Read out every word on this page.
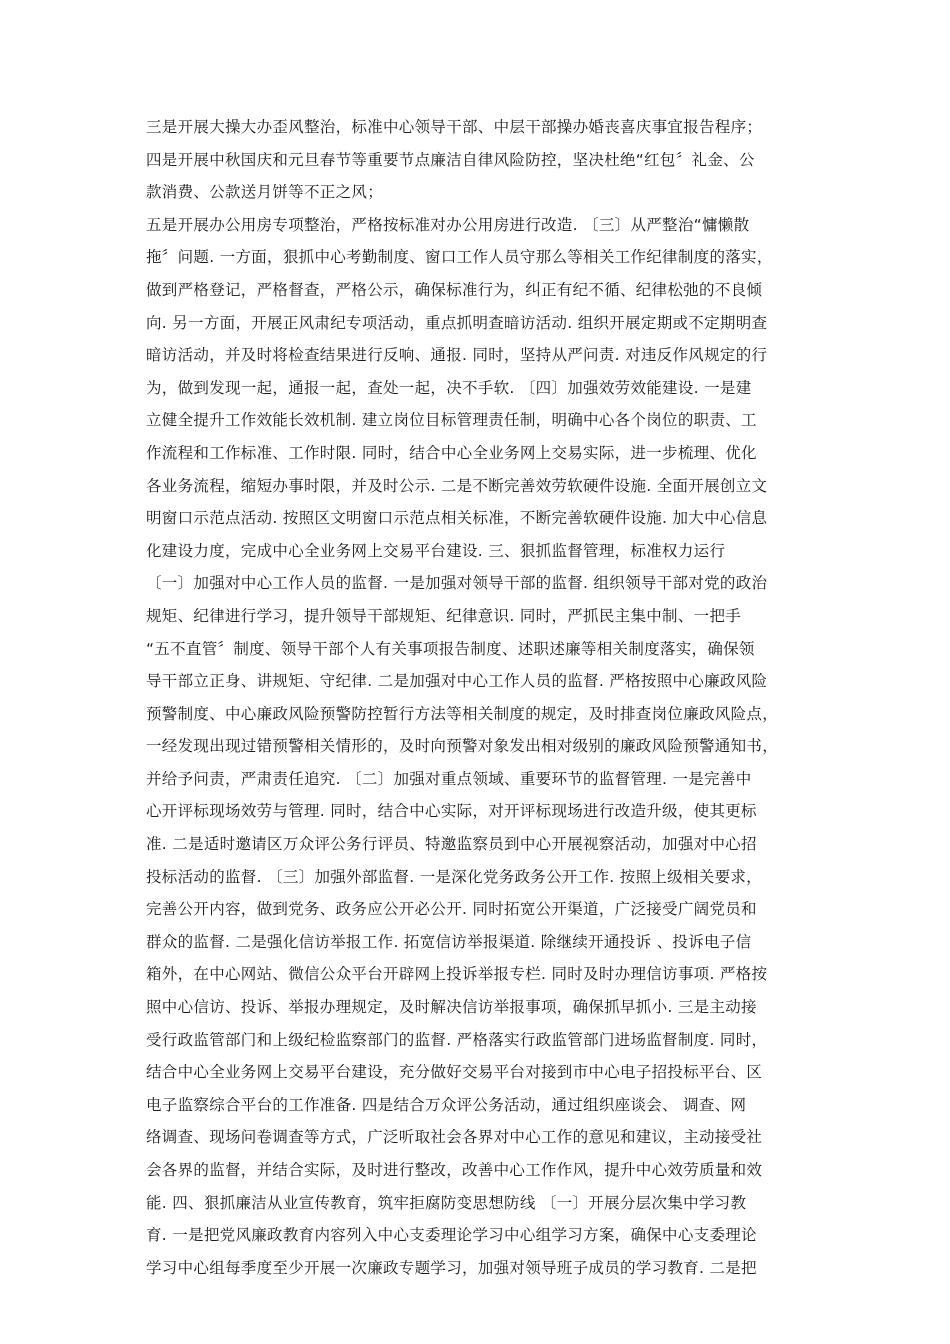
三是开展大操大办歪风整治，标准中心领导干部、中层干部操办婚丧喜庆事宜报告程序；
四是开展中秋国庆和元旦春节等重要节点廉洁自律风险防控，坚决杜绝“红包〞礼金、公
款消费、公款送月饼等不正之风；
五是开展办公用房专项整治，严格按标准对办公用房进行改造. 〔三〕从严整治“慵懒散
拖〞问题. 一方面，狠抓中心考勤制度、窗口工作人员守那么等相关工作纪律制度的落实，
做到严格登记，严格督查，严格公示，确保标准行为，纠正有纪不循、纪律松弛的不良倾
向. 另一方面，开展正风肃纪专项活动，重点抓明查暗访活动. 组织开展定期或不定期明查
暗访活动，并及时将检查结果进行反响、通报. 同时，坚持从严问责. 对违反作风规定的行
为，做到发现一起，通报一起，查处一起，决不手软. 〔四〕加强效劳效能建设. 一是建
立健全提升工作效能长效机制. 建立岗位目标管理责任制，明确中心各个岗位的职责、工
作流程和工作标准、工作时限. 同时，结合中心全业务网上交易实际，进一步梳理、优化
各业务流程，缩短办事时限，并及时公示. 二是不断完善效劳软硬件设施. 全面开展创立文
明窗口示范点活动. 按照区文明窗口示范点相关标准，不断完善软硬件设施. 加大中心信息
化建设力度，完成中心全业务网上交易平台建设. 三、狠抓监督管理，标准权力运行
〔一〕加强对中心工作人员的监督. 一是加强对领导干部的监督. 组织领导干部对党的政治
规矩、纪律进行学习，提升领导干部规矩、纪律意识. 同时，严抓民主集中制、一把手
“五不直管〞制度、领导干部个人有关事项报告制度、述职述廉等相关制度落实，确保领
导干部立正身、讲规矩、守纪律. 二是加强对中心工作人员的监督. 严格按照中心廉政风险
预警制度、中心廉政风险预警防控暂行方法等相关制度的规定，及时排查岗位廉政风险点，
一经发现出现过错预警相关情形的，及时向预警对象发出相对级别的廉政风险预警通知书，
并给予问责，严肃责任追究. 〔二〕加强对重点领域、重要环节的监督管理. 一是完善中
心开评标现场效劳与管理. 同时，结合中心实际，对开评标现场进行改造升级，使其更标
准. 二是适时邀请区万众评公务行评员、特邀监察员到中心开展视察活动，加强对中心招
投标活动的监督. 〔三〕加强外部监督. 一是深化党务政务公开工作. 按照上级相关要求，
完善公开内容，做到党务、政务应公开必公开. 同时拓宽公开渠道，广泛接受广阔党员和
群众的监督. 二是强化信访举报工作. 拓宽信访举报渠道. 除继续开通投诉 、投诉电子信
箱外，在中心网站、微信公众平台开辟网上投诉举报专栏. 同时及时办理信访事项. 严格按
照中心信访、投诉、举报办理规定，及时解决信访举报事项，确保抓早抓小. 三是主动接
受行政监管部门和上级纪检监察部门的监督. 严格落实行政监管部门进场监督制度. 同时，
结合中心全业务网上交易平台建设，充分做好交易平台对接到市中心电子招投标平台、区
电子监察综合平台的工作准备. 四是结合万众评公务活动，通过组织座谈会、 调查、网
络调查、现场问卷调查等方式，广泛听取社会各界对中心工作的意见和建议，主动接受社
会各界的监督，并结合实际，及时进行整改，改善中心工作作风，提升中心效劳质量和效
能. 四、狠抓廉洁从业宣传教育，筑牢拒腐防变思想防线 〔一〕开展分层次集中学习教
育. 一是把党风廉政教育内容列入中心支委理论学习中心组学习方案，确保中心支委理论
学习中心组每季度至少开展一次廉政专题学习，加强对领导班子成员的学习教育. 二是把
